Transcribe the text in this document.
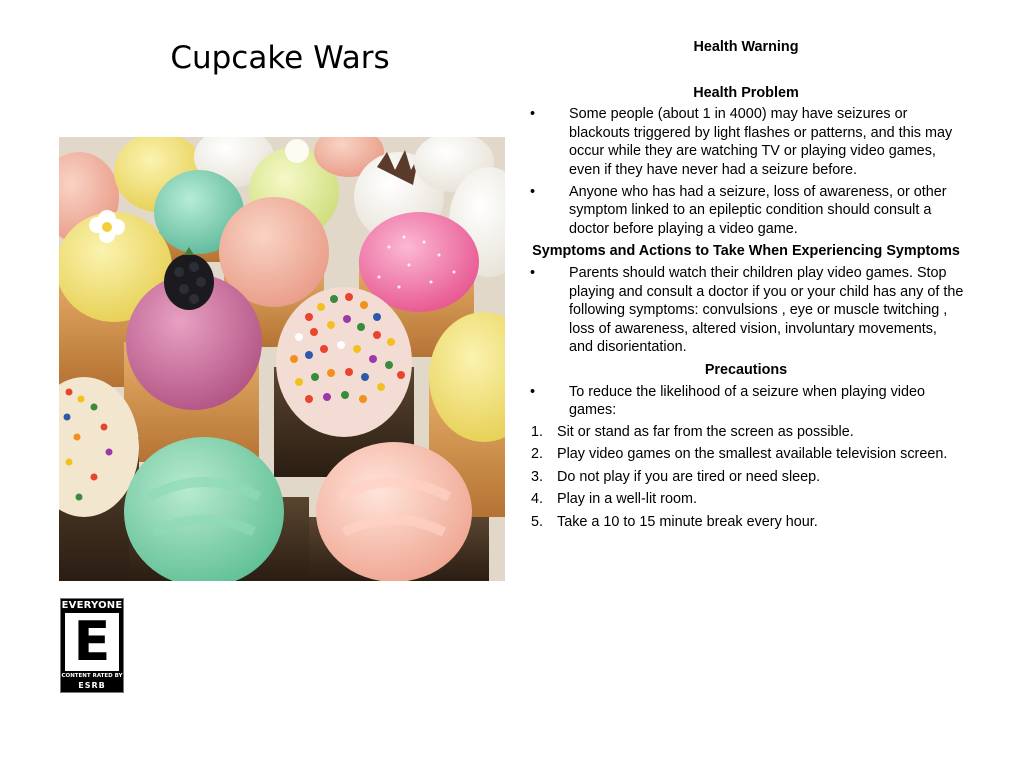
Cupcake Wars
EVERYONE
E
CONTENT RATED BY
ESRB

Health Warning

Health Problem

•	Some people (about 1 in 4000) may have seizures or blackouts triggered by light flashes or patterns, and this may occur while they are watching TV or playing video games, even if they have never had a seizure before.
•	Anyone who has had a seizure, loss of awareness, or other symptom linked to an epileptic condition should consult a doctor before playing a video game.

Symptoms and Actions to Take When Experiencing Symptoms

•	Parents should watch their children play video games. Stop playing and consult a doctor if you or your child has any of the following symptoms: convulsions , eye or muscle twitching , loss of awareness, altered vision, involuntary movements, and disorientation.

Precautions

•	To reduce the likelihood of a seizure when playing video games:
1. Sit or stand as far from the screen as possible.
2. Play video games on the smallest available television screen.
3. Do not play if you are tired or need sleep.
4. Play in a well-lit room.
5. Take a 10 to 15 minute break every hour.
